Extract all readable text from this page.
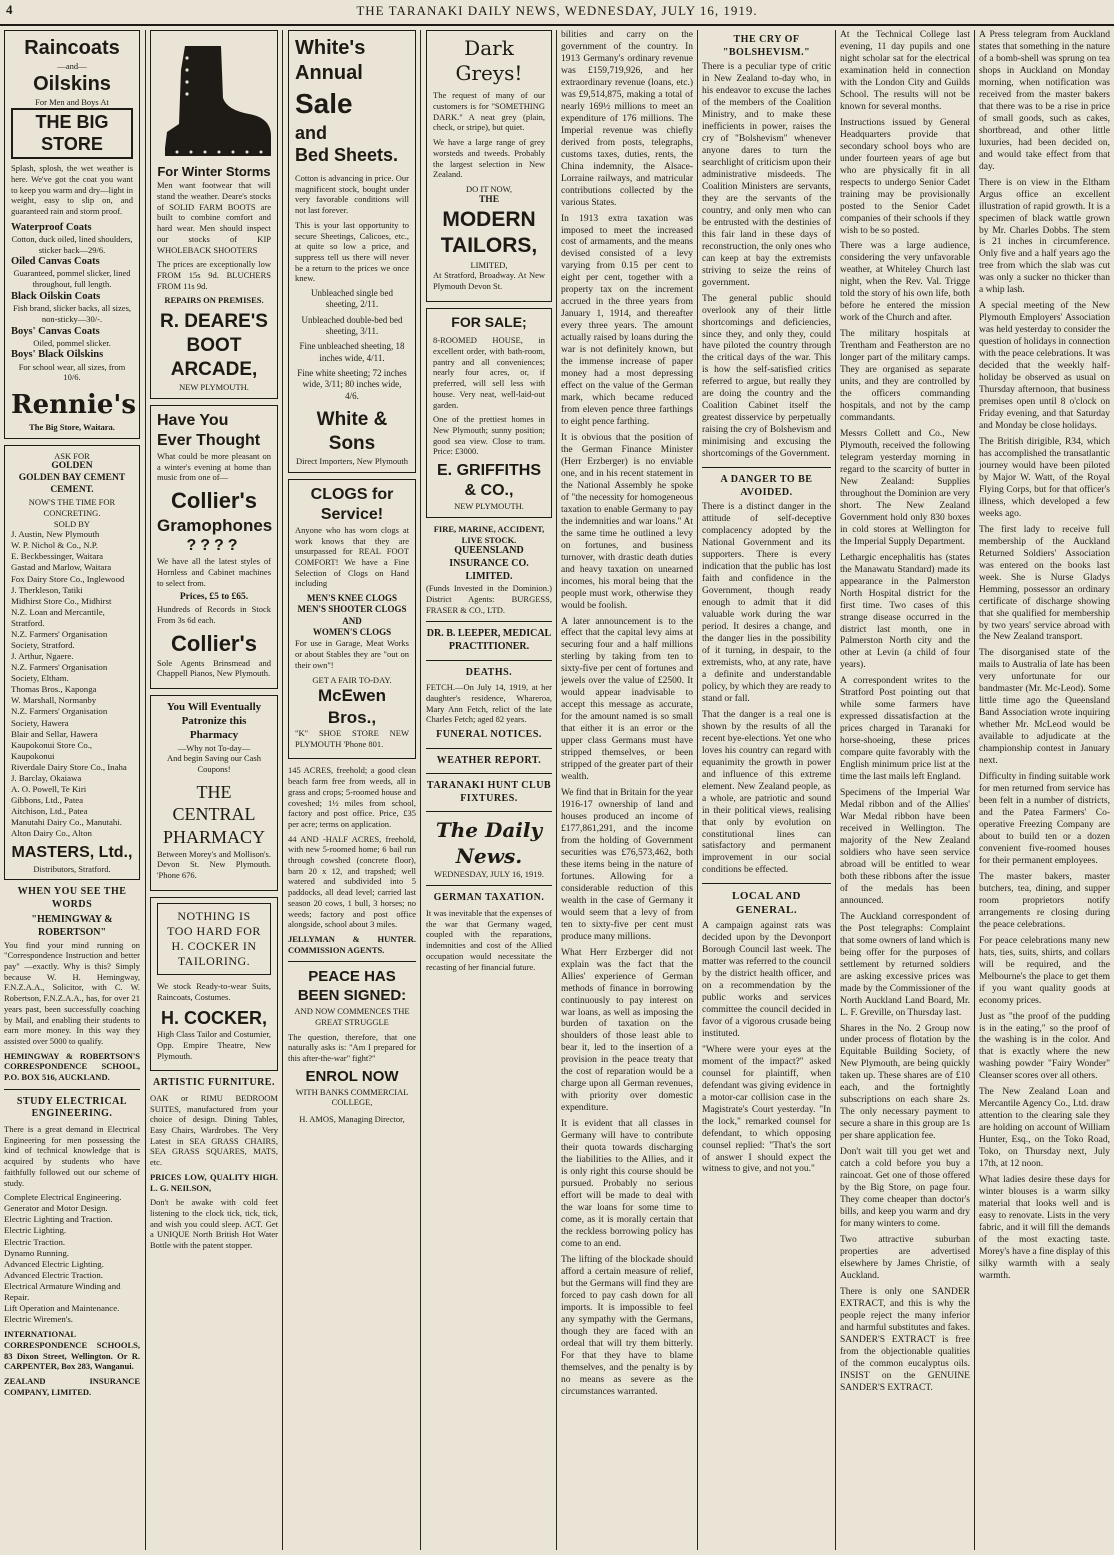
4	THE TARANAKI DAILY NEWS, WEDNESDAY, JULY 16, 1919.
Raincoats
—and—
Oilskins
For Men and Boys At
THE BIG STORE

Splash, splosh, the wet weather is here. We've got the coat you want to keep you warm and dry—light in weight, easy to slip on, and guaranteed rain and storm proof.

Waterproof Coats
Cotton, duck oiled, lined shoulders, sticker back—29/6.
Oiled Canvas Coats
Guaranteed, pommel slicker, lined throughout, full length.
Black Oilskin Coats
Fish brand, slicker backs, all sizes, non-sticky—30/-.
Boys' Canvas Coats
Oiled, pommel slicker.
Boys' Black Oilskins
For school wear, all sizes, from 10/6.
Rennie's
The Big Store, Waitara.
ASK FOR
GOLDEN
GOLDEN BAY CEMENT
CEMENT.
NOW'S THE TIME FOR CONCRETING.
SOLD BY
J. Austin, New Plymouth
W. P. Nichol & Co., N.P.
E. Beckbessinger, Waitara
Gastad and Marlow, Waitara
Fox Dairy Store Co., Inglewood
J. Therkleson, Tatiki
Midhirst Store Co., Midhirst
N.Z. Loan and Mercantile, Stratford.
N.Z. Farmers' Organisation Society, Stratford.
J. Arthur, Ngaere.
N.Z. Farmers' Organisation Society, Eltham.
Thomas Bros., Kaponga
W. Marshall, Normanby
N.Z. Farmers' Organisation Society, Hawera
Blair and Sellar, Hawera
Kaupokonui Store Co., Kaupokonui
Riverdale Dairy Store Co., Inaha
J. Barclay, Okaiawa
A. O. Powell, Te Kiri
Gibbons, Ltd., Patea
Aitchison, Ltd., Patea
Manutahi Dairy Co., Manutahi.
Alton Dairy Co., Alton
MASTERS, Ltd.,
Distributors, Stratford.
WHEN YOU SEE THE WORDS
"HEMINGWAY & ROBERTSON"

You find your mind running on "Correspondence Instruction and better pay" —exactly. Why is this? Simply because W. H. Hemingway, F.N.Z.A.A., Solicitor, with C. W. Robertson, F.N.Z.A.A., has, for over 21 years past, been successfully coaching by Mail, and enabling their students to earn more money. In this way they assisted over 5000 to qualify.

HEMINGWAY & ROBERTSON'S CORRESPONDENCE SCHOOL, P.O. BOX 516, AUCKLAND.

STUDY ELECTRICAL ENGINEERING.

There is a great demand in Electrical Engineering for men possessing the kind of technical knowledge that is acquired by students who have faithfully followed out our scheme of study.

Complete Electrical Engineering.
Generator and Motor Design.
Electric Lighting and Traction.
Electric Lighting.
Electric Traction.
Dynamo Running.
Advanced Electric Lighting.
Advanced Electric Traction.
Electrical Armature Winding and Repair.
Lift Operation and Maintenance.
Electric Wiremen's.

INTERNATIONAL CORRESPONDENCE SCHOOLS, 83 Dixon Street, Wellington. Or R. CARPENTER, Box 283, Wanganui.

ZEALAND INSURANCE COMPANY, LIMITED.

For Winter Storms

Men want footwear that will stand the weather. Deare's stocks of SOLID FARM BOOTS are built to combine comfort and hard wear. Men should inspect our stocks of KIP WHOLEBACK SHOOTERS

The prices are exceptionally low FROM 15s 9d. BLUCHERS FROM 11s 9d.

REPAIRS ON PREMISES.
R. DEARE'S
BOOT
ARCADE,
NEW PLYMOUTH.
Have You
Ever Thought

What could be more pleasant on a winter's evening at home than music from one of—

Collier's
Gramophones
????

We have all the latest styles of Hornless and Cabinet machines to select from.

Prices, £5 to £65.

Hundreds of Records in Stock From 3s 6d each.

Collier's

Sole Agents Brinsmead and Chappell Pianos, New Plymouth.

You Will Eventually Patronize this Pharmacy
—Why not To-day—
And begin Saving our Cash Coupons!
THE
CENTRAL
PHARMACY

Between Morey's and Mollison's. Devon St. New Plymouth. 'Phone 676.

NOTHING IS TOO HARD FOR H. COCKER IN TAILORING.

We stock Ready-to-wear Suits, Raincoats, Costumes.

H. COCKER,

High Class Tailor and Costumier, Opp. Empire Theatre, New Plymouth.

ARTISTIC FURNITURE.

OAK or RIMU BEDROOM SUITES, manufactured from your choice of design. Dining Tables, Easy Chairs, Wardrobes. The Very Latest in SEA GRASS CHAIRS, SEA GRASS SQUARES, MATS, etc.

PRICES LOW, QUALITY HIGH. L. G. NEILSON,

Don't be awake with cold feet listening to the clock tick, tick, tick, and wish you could sleep. ACT. Get a UNIQUE North British Hot Water Bottle with the patent stopper.

White's
Annual
Sale
and
Bed Sheets.

Cotton is advancing in price. Our magnificent stock, bought under very favorable conditions will not last forever.

This is your last opportunity to secure Sheetings, Calicoes, etc., at quite so low a price, and suppress tell us there will never be a return to the prices we once knew.

Unbleached single bed sheeting, 2/11.
Unbleached double-bed bed sheeting, 3/11.
Fine unbleached sheeting, 18 inches wide, 4/11.
Fine white sheeting; 72 inches wide, 3/11; 80 inches wide, 4/6.
White & Sons
Direct Importers, New Plymouth
CLOGS for Service!

Anyone who has worn clogs at work knows that they are unsurpassed for REAL FOOT COMFORT! We have a Fine Selection of Clogs on Hand including

MEN'S KNEE CLOGS
MEN'S SHOOTER CLOGS
AND
WOMEN'S CLOGS

For use in Garage, Meat Works or about Stables they are "out on their own"!

GET A FAIR TO-DAY.
McEwen Bros.,

"K" SHOE STORE NEW PLYMOUTH 'Phone 801.

145 ACRES, freehold; a good clean beach farm free from weeds, all in grass and crops; 5-roomed house and coveshed; 1½ miles from school, factory and post office. Price, £35 per acre; terms on application.

44 AND -HALF ACRES, freehold, with new 5-roomed home; 6 bail run through cowshed (concrete floor), barn 20 x 12, and trapshed; well watered and subdivided into 5 paddocks, all dead level; carried last season 20 cows, 1 bull, 3 horses; no weeds; factory and post office alongside, school about 3 miles.

JELLYMAN & HUNTER. COMMISSION AGENTS.

PEACE HAS BEEN SIGNED:
AND NOW COMMENCES THE GREAT STRUGGLE

The question, therefore, that one naturally asks is: "Am I prepared for this after-the-war" fight?"

ENROL NOW
WITH BANKS COMMERCIAL COLLEGE,
H. AMOS, Managing Director,
Dark Greys!

The request of many of our customers is for "SOMETHING DARK." A neat grey (plain, check, or stripe), but quiet.

We have a large range of grey worsteds and tweeds. Probably the largest selection in New Zealand.

DO IT NOW,
THE
MODERN
TAILORS,
LIMITED,

At Stratford, Broadway. At New Plymouth Devon St.

FOR SALE;

8-ROOMED HOUSE, in excellent order, with bath-room, pantry and all conveniences; nearly four acres, or, if preferred, will sell less with house. Very neat, well-laid-out garden.

One of the prettiest homes in New Plymouth; sunny position; good sea view. Close to tram. Price: £3000.

E. GRIFFITHS
& CO.,
NEW PLYMOUTH.
FIRE, MARINE, ACCIDENT, LIVE STOCK.
QUEENSLAND INSURANCE CO. LIMITED.

(Funds Invested in the Dominion.) District Agents: BURGESS, FRASER & CO., LTD.

DR. B. LEEPER, MEDICAL PRACTITIONER.
DEATHS.

FETCH.—On July 14, 1919, at her daughter's residence, Whareroa, Mary Ann Fetch, relict of the late Charles Fetch; aged 82 years.

FUNERAL NOTICES.
WEATHER REPORT.
TARANAKI HUNT CLUB FIXTURES.
The Daily News.
WEDNESDAY, JULY 16, 1919.
GERMAN TAXATION.

It was inevitable that the expenses of the war that Germany waged, coupled with the reparations, indemnities and cost of the Allied occupation would necessitate the recasting of her financial future.

bilities and carry on the government of the country. In 1913 Germany's ordinary revenue was £159,719,926, and her extraordinary revenue (loans, etc.) was £9,514,875, making a total of nearly 169½ millions to meet an expenditure of 176 millions. The Imperial revenue was chiefly derived from posts, telegraphs, customs taxes, duties, rents, the China indemnity, the Alsace-Lorraine railways, and matricular contributions collected by the various States.

In 1913 extra taxation was imposed to meet the increased cost of armaments, and the means devised consisted of a levy varying from 0.15 per cent to eight per cent, together with a property tax on the increment accrued in the three years from January 1, 1914, and thereafter every three years. The amount actually raised by loans during the war is not definitely known, but the immense increase of paper money had a most depressing effect on the value of the German mark, which became reduced from eleven pence three farthings to eight pence farthing.

It is obvious that the position of the German Finance Minister (Herr Erzberger) is no enviable one, and in his recent statement in the National Assembly he spoke of "the necessity for homogeneous taxation to enable Germany to pay the indemnities and war loans." At the same time he outlined a levy on fortunes, and business turnover, with drastic death duties and heavy taxation on unearned incomes, his moral being that the people must work, otherwise they would be foolish.

A later announcement is to the effect that the capital levy aims at securing four and a half millions sterling by taking from ten to sixty-five per cent of fortunes and jewels over the value of £2500. It would appear inadvisable to accept this message as accurate, for the amount named is so small that either it is an error or the upper class Germans must have stripped themselves, or been stripped of the greater part of their wealth.

We find that in Britain for the year 1916-17 ownership of land and houses produced an income of £177,861,291, and the income from the holding of Government securities was £76,573,462, both these items being in the nature of fortunes. Allowing for a considerable reduction of this wealth in the case of Germany it would seem that a levy of from ten to sixty-five per cent must produce many millions.

What Herr Erzberger did not explain was the fact that the Allies' experience of German methods of finance in borrowing continuously to pay interest on war loans, as well as imposing the burden of taxation on the shoulders of those least able to bear it, led to the insertion of a provision in the peace treaty that the cost of reparation would be a charge upon all German revenues, with priority over domestic expenditure.

It is evident that all classes in Germany will have to contribute their quota towards discharging the liabilities to the Allies, and it is only right this course should be pursued. Probably no serious effort will be made to deal with the war loans for some time to come, as it is morally certain that the reckless borrowing policy has come to an end.

The lifting of the blockade should afford a certain measure of relief, but the Germans will find they are forced to pay cash down for all imports. It is impossible to feel any sympathy with the Germans, though they are faced with an ordeal that will try them bitterly. For that they have to blame themselves, and the penalty is by no means as severe as the circumstances warranted.

THE CRY OF "BOLSHEVISM."

There is a peculiar type of critic in New Zealand to-day who, in his endeavor to excuse the laches of the members of the Coalition Ministry, and to make these inefficients in power, raises the cry of "Bolshevism" whenever anyone dares to turn the searchlight of criticism upon their administrative misdeeds. The Coalition Ministers are servants, they are the servants of the country, and only men who can be entrusted with the destinies of this fair land in these days of reconstruction, the only ones who can keep at bay the extremists striving to seize the reins of government.

The general public should overlook any of their little shortcomings and deficiencies, since they, and only they, could have piloted the country through the critical days of the war. This is how the self-satisfied critics referred to argue, but really they are doing the country and the Coalition Cabinet itself the greatest disservice by perpetually raising the cry of Bolshevism and minimising and excusing the shortcomings of the Government.

A DANGER TO BE AVOIDED.

There is a distinct danger in the attitude of self-deceptive complacency adopted by the National Government and its supporters. There is every indication that the public has lost faith and confidence in the Government, though ready enough to admit that it did valuable work during the war period. It desires a change, and the danger lies in the possibility of it turning, in despair, to the extremists, who, at any rate, have a definite and understandable policy, by which they are ready to stand or fall.

That the danger is a real one is shown by the results of all the recent bye-elections. Yet one who loves his country can regard with equanimity the growth in power and influence of this extreme element. New Zealand people, as a whole, are patriotic and sound in their political views, realising that only by evolution on constitutional lines can satisfactory and permanent improvement in our social conditions be effected.

LOCAL AND GENERAL.

A campaign against rats was decided upon by the Devonport Borough Council last week. The matter was referred to the council by the district health officer, and on a recommendation by the public works and services committee the council decided in favor of a vigorous crusade being instituted.

"Where were your eyes at the moment of the impact?" asked counsel for plaintiff, when defendant was giving evidence in a motor-car collision case in the Magistrate's Court yesterday. "In the lock," remarked counsel for defendant, to which opposing counsel replied: "That's the sort of answer I should expect the witness to give, and not you."

At the Technical College last evening, 11 day pupils and one night scholar sat for the electrical examination held in connection with the London City and Guilds School. The results will not be known for several months.

Instructions issued by General Headquarters provide that secondary school boys who are under fourteen years of age but who are physically fit in all respects to undergo Senior Cadet training may be provisionally posted to the Senior Cadet companies of their schools if they wish to be so posted.

There was a large audience, considering the very unfavorable weather, at Whiteley Church last night, when the Rev. Val. Trigge told the story of his own life, both before he entered the mission work of the Church and after.

The military hospitals at Trentham and Featherston are no longer part of the military camps. They are organised as separate units, and they are controlled by the officers commanding hospitals, and not by the camp commandants.

Messrs Collett and Co., New Plymouth, received the following telegram yesterday morning in regard to the scarcity of butter in New Zealand: Supplies throughout the Dominion are very short. The New Zealand Government hold only 830 boxes in cold stores at Wellington for the Imperial Supply Department.

Lethargic encephalitis has (states the Manawatu Standard) made its appearance in the Palmerston North Hospital district for the first time. Two cases of this strange disease occurred in the district last month, one in Palmerston North city and the other at Levin (a child of four years).

A correspondent writes to the Stratford Post pointing out that while some farmers have expressed dissatisfaction at the prices charged in Taranaki for horse-shoeing, these prices compare quite favorably with the English minimum price list at the time the last mails left England.

Specimens of the Imperial War Medal ribbon and of the Allies' War Medal ribbon have been received in Wellington. The majority of the New Zealand soldiers who have seen service abroad will be entitled to wear both these ribbons after the issue of the medals has been announced.

The Auckland correspondent of the Post telegraphs: Complaint that some owners of land which is being offer for the purposes of settlement by returned soldiers are asking excessive prices was made by the Commissioner of the North Auckland Land Board, Mr. L. F. Greville, on Thursday last.

Shares in the No. 2 Group now under process of flotation by the Equitable Building Society, of New Plymouth, are being quickly taken up. These shares are of £10 each, and the fortnightly subscriptions on each share 2s. The only necessary payment to secure a share in this group are 1s per share application fee.

Don't wait till you get wet and catch a cold before you buy a raincoat. Get one of those offered by the Big Store, on page four. They come cheaper than doctor's bills, and keep you warm and dry for many winters to come.

Two attractive suburban properties are advertised elsewhere by James Christie, of Auckland.

There is only one SANDER EXTRACT, and this is why the people reject the many inferior and harmful substitutes and fakes. SANDER'S EXTRACT is free from the objectionable qualities of the common eucalyptus oils. INSIST on the GENUINE SANDER'S EXTRACT.

A Press telegram from Auckland states that something in the nature of a bomb-shell was sprung on tea shops in Auckland on Monday morning, when notification was received from the master bakers that there was to be a rise in price of small goods, such as cakes, shortbread, and other little luxuries, had been decided on, and would take effect from that day.

There is on view in the Eltham Argus office an excellent illustration of rapid growth. It is a specimen of black wattle grown by Mr. Charles Dobbs. The stem is 21 inches in circumference. Only five and a half years ago the tree from which the slab was cut was only a sucker no thicker than a whip lash.

A special meeting of the New Plymouth Employers' Association was held yesterday to consider the question of holidays in connection with the peace celebrations. It was decided that the weekly half-holiday be observed as usual on Thursday afternoon, that business premises open until 8 o'clock on Friday evening, and that Saturday and Monday be close holidays.

The British dirigible, R34, which has accomplished the transatlantic journey would have been piloted by Major W. Watt, of the Royal Flying Corps, but for that officer's illness, which developed a few weeks ago.

The first lady to receive full membership of the Auckland Returned Soldiers' Association was entered on the books last week. She is Nurse Gladys Hemming, possessor an ordinary certificate of discharge showing that she qualified for membership by two years' service abroad with the New Zealand transport.

The disorganised state of the mails to Australia of late has been very unfortunate for our bandmaster (Mr. Mc-Leod). Some little time ago the Queensland Band Association wrote inquiring whether Mr. McLeod would be available to adjudicate at the championship contest in January next.

Difficulty in finding suitable work for men returned from service has been felt in a number of districts, and the Patea Farmers' Co-operative Freezing Company are about to build ten or a dozen convenient five-roomed houses for their permanent employees.

The master bakers, master butchers, tea, dining, and supper room proprietors notify arrangements re closing during the peace celebrations.

For peace celebrations many new hats, ties, suits, shirts, and collars will be required, and the Melbourne's the place to get them if you want quality goods at economy prices.

Just as "the proof of the pudding is in the eating," so the proof of the washing is in the color. And that is exactly where the new washing powder "Fairy Wonder" Cleanser scores over all others.

The New Zealand Loan and Mercantile Agency Co., Ltd. draw attention to the clearing sale they are holding on account of William Hunter, Esq., on the Toko Road, Toko, on Thursday next, July 17th, at 12 noon.

What ladies desire these days for winter blouses is a warm silky material that looks well and is easy to renovate. Lists in the very fabric, and it will fill the demands of the most exacting taste. Morey's have a fine display of this silky warmth with a sealy warmth.
